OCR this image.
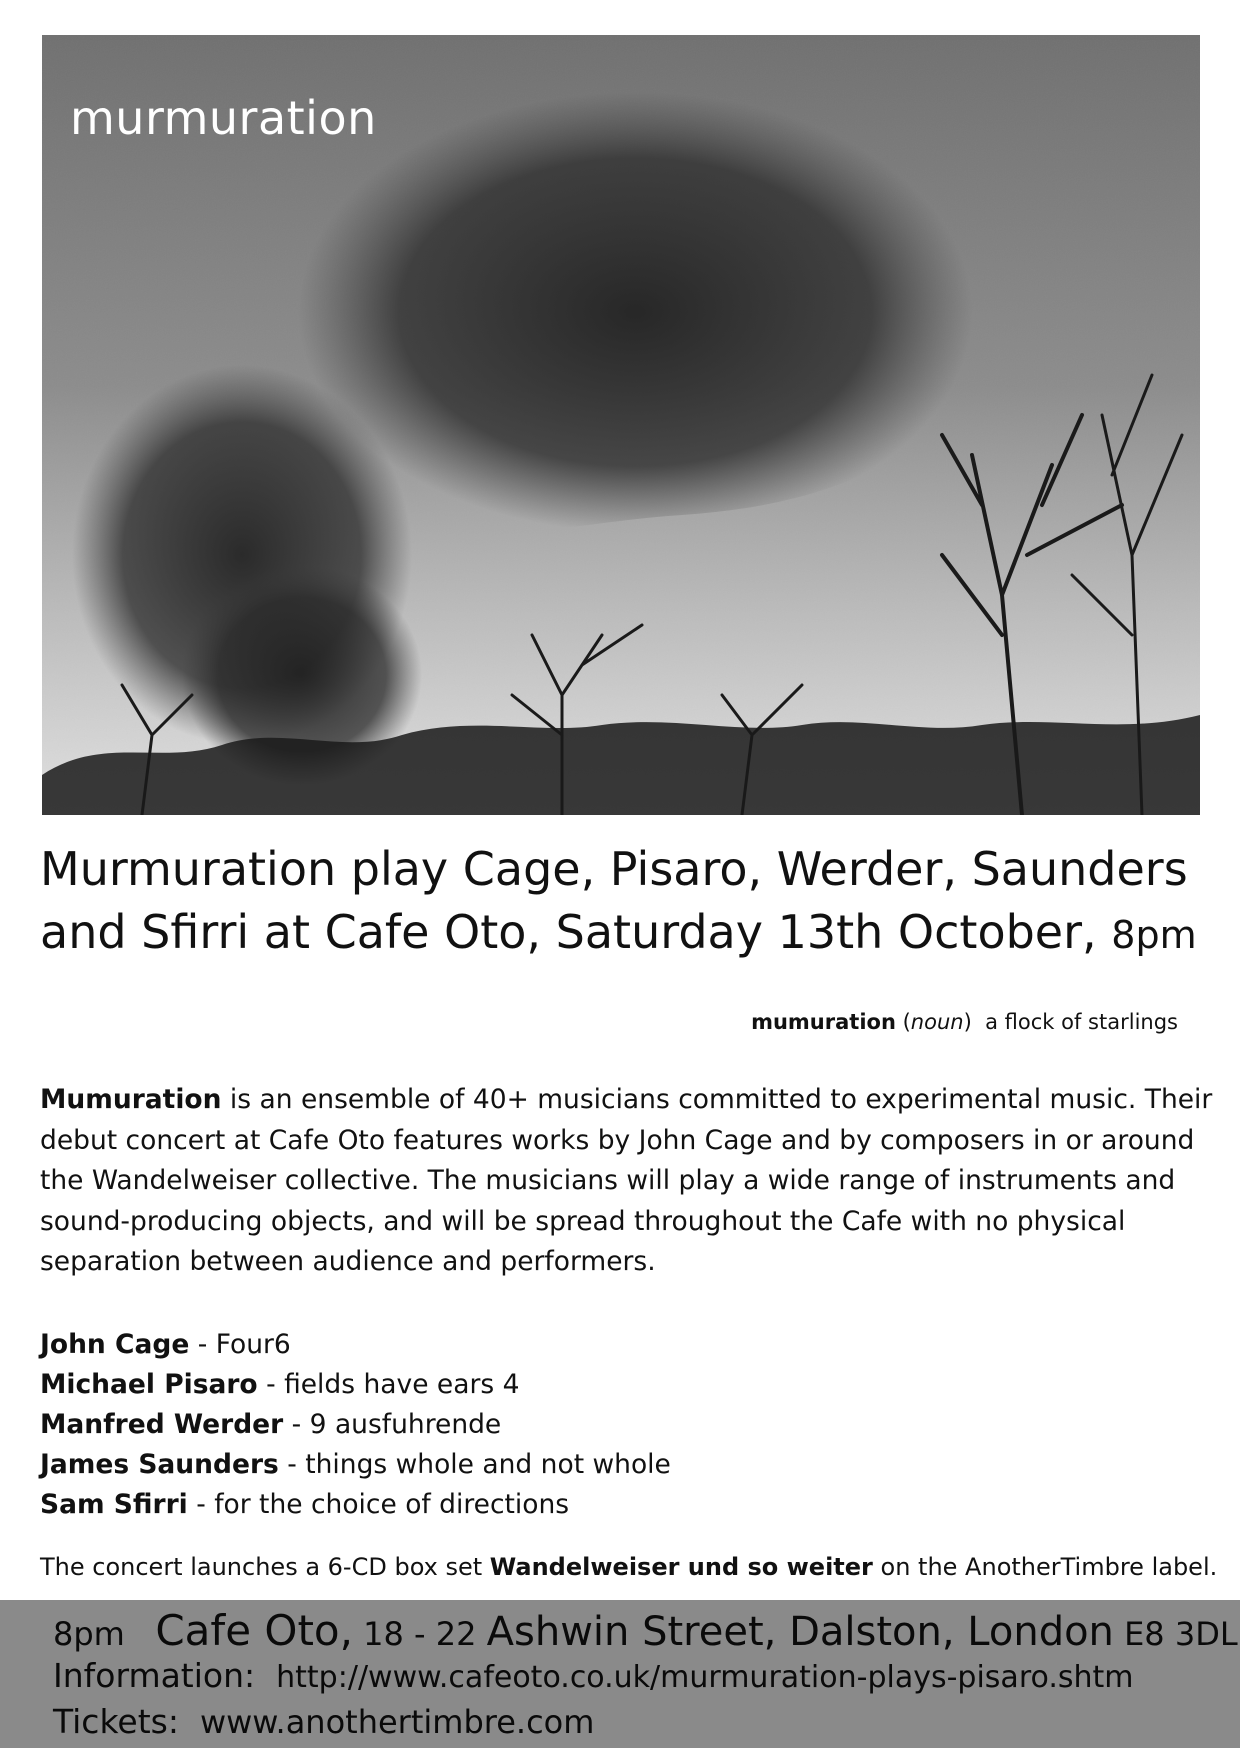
murmuration
Murmuration play Cage, Pisaro, Werder, Saunders
and Sfirri at Cafe Oto, Saturday 13th October, 8pm
mumuration (noun) a flock of starlings
Mumuration is an ensemble of 40+ musicians committed to experimental music. Their debut concert at Cafe Oto features works by John Cage and by composers in or around the Wandelweiser collective. The musicians will play a wide range of instruments and sound-producing objects, and will be spread throughout the Cafe with no physical separation between audience and performers.
John Cage - Four6
Michael Pisaro - fields have ears 4
Manfred Werder - 9 ausfuhrende
James Saunders - things whole and not whole
Sam Sfirri - for the choice of directions
The concert launches a 6-CD box set Wandelweiser und so weiter on the AnotherTimbre label.
8pm Cafe Oto, 18 - 22 Ashwin Street, Dalston, London E8 3DL
Information: http://www.cafeoto.co.uk/murmuration-plays-pisaro.shtm
Tickets: www.anothertimbre.com
